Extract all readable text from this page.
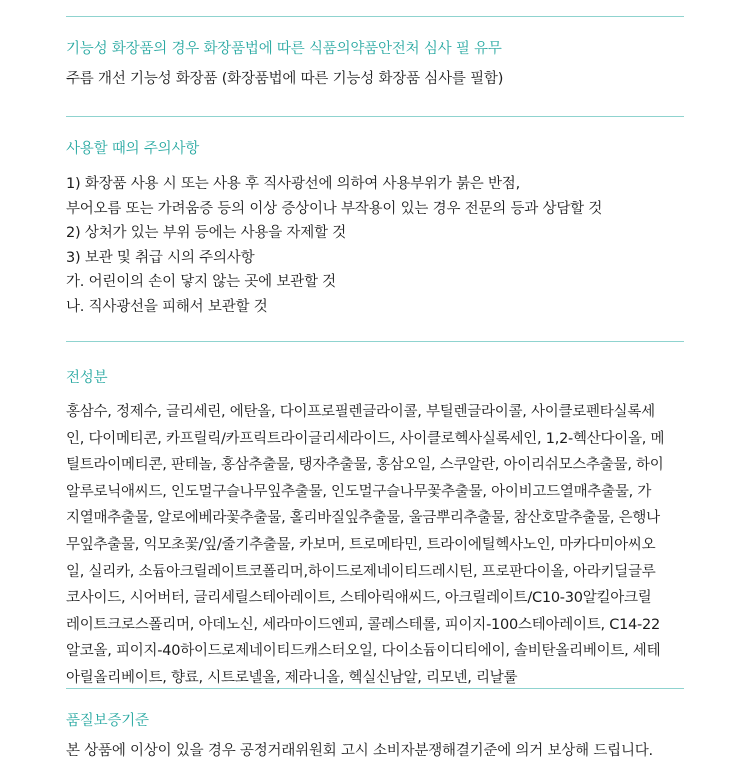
기능성 화장품의 경우 화장품법에 따른 식품의약품안전처 심사 필 유무
주름 개선 기능성 화장품 (화장품법에 따른 기능성 화장품 심사를 필함)
사용할 때의 주의사항
1) 화장품 사용 시 또는 사용 후 직사광선에 의하여 사용부위가 붉은 반점,
부어오름 또는 가려움증 등의 이상 증상이나 부작용이 있는 경우 전문의 등과 상담할 것
2) 상처가 있는 부위 등에는 사용을 자제할 것
3) 보관 및 취급 시의 주의사항
가. 어린이의 손이 닿지 않는 곳에 보관할 것
나. 직사광선을 피해서 보관할 것
전성분
홍삼수, 정제수, 글리세린, 에탄올, 다이프로필렌글라이콜, 부틸렌글라이콜, 사이클로펜타실록세
인, 다이메티콘, 카프릴릭/카프릭트라이글리세라이드, 사이클로헥사실록세인, 1,2-헥산다이올, 메
틸트라이메티콘, 판테놀, 홍삼추출물, 탱자추출물, 홍삼오일, 스쿠알란, 아이리쉬모스추출물, 하이
알루로닉애씨드, 인도멀구슬나무잎추출물, 인도멀구슬나무꽃추출물, 아이비고드열매추출물, 가
지열매추출물, 알로에베라꽃추출물, 홀리바질잎추출물, 울금뿌리추출물, 참산호말추출물, 은행나
무잎추출물, 익모초꽃/잎/줄기추출물, 카보머, 트로메타민, 트라이에틸헥사노인, 마카다미아씨오
일, 실리카, 소듐아크릴레이트코폴리머,하이드로제네이티드레시틴, 프로판다이올, 아라키딜글루
코사이드, 시어버터, 글리세릴스테아레이트, 스테아릭애씨드, 아크릴레이트/C10-30알킬아크릴
레이트크로스폴리머, 아데노신, 세라마이드엔피, 콜레스테롤, 피이지-100스테아레이트, C14-22
알코올, 피이지-40하이드로제네이티드캐스터오일, 다이소듐이디티에이, 솔비탄올리베이트, 세테
아릴올리베이트, 향료, 시트로넬올, 제라니올, 헥실신남알, 리모넨, 리날룰
품질보증기준
본 상품에 이상이 있을 경우 공정거래위원회 고시 소비자분쟁해결기준에 의거 보상해 드립니다.
